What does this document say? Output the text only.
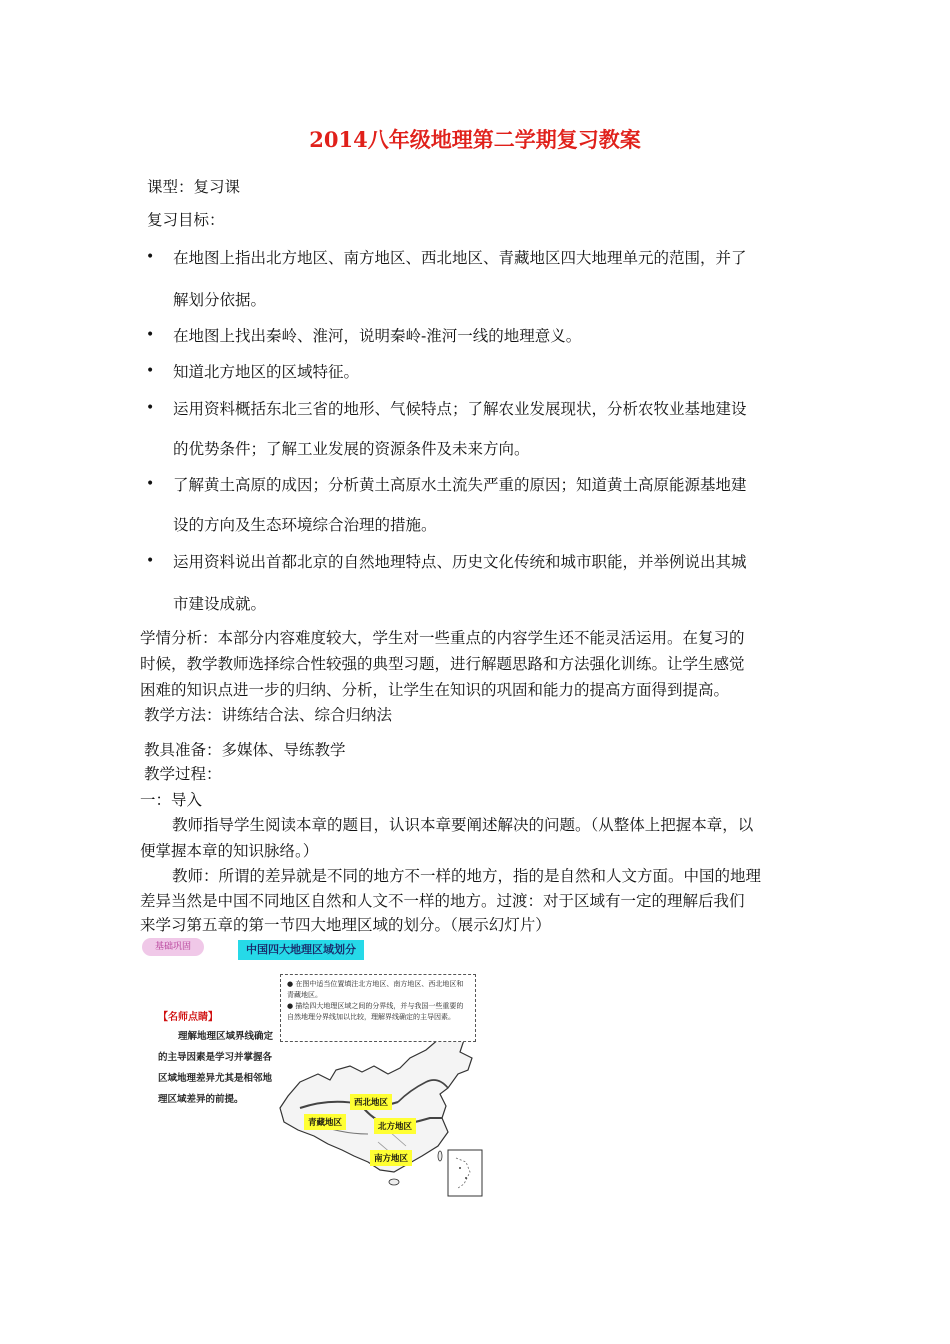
2014八年级地理第二学期复习教案
课型：复习课
复习目标：
• 在地图上指出北方地区、南方地区、西北地区、青藏地区四大地理单元的范围，并了
解划分依据。
• 在地图上找出秦岭、淮河，说明秦岭-淮河一线的地理意义。
• 知道北方地区的区域特征。
• 运用资料概括东北三省的地形、气候特点；了解农业发展现状，分析农牧业基地建设
的优势条件；了解工业发展的资源条件及未来方向。
• 了解黄土高原的成因；分析黄土高原水土流失严重的原因；知道黄土高原能源基地建
设的方向及生态环境综合治理的措施。
• 运用资料说出首都北京的自然地理特点、历史文化传统和城市职能，并举例说出其城
市建设成就。
学情分析：本部分内容难度较大，学生对一些重点的内容学生还不能灵活运用。在复习的
时候，教学教师选择综合性较强的典型习题，进行解题思路和方法强化训练。让学生感觉
困难的知识点进一步的归纳、分析，让学生在知识的巩固和能力的提高方面得到提高。
教学方法：讲练结合法、综合归纳法
教具准备：多媒体、导练教学
教学过程：
一：导入
教师指导学生阅读本章的题目，认识本章要阐述解决的问题。（从整体上把握本章，以
便掌握本章的知识脉络。）
教师：所谓的差异就是不同的地方不一样的地方，指的是自然和人文方面。中国的地理
差异当然是中国不同地区自然和人文不一样的地方。过渡：对于区域有一定的理解后我们
来学习第五章的第一节四大地理区域的划分。（展示幻灯片）
基础巩固	中国四大地理区域划分
【名师点睛】
理解地理区域界线确定的主导因素是学习并掌握各区域地理差异尤其是相邻地理区域差异的前提。
● 在图中适当位置填注北方地区、南方地区、西北地区和青藏地区。
● 描绘四大地理区域之间的分界线，并与我国一些重要的自然地理分界线加以比较，理解界线确定的主导因素。
西北地区
青藏地区	北方地区
南方地区
